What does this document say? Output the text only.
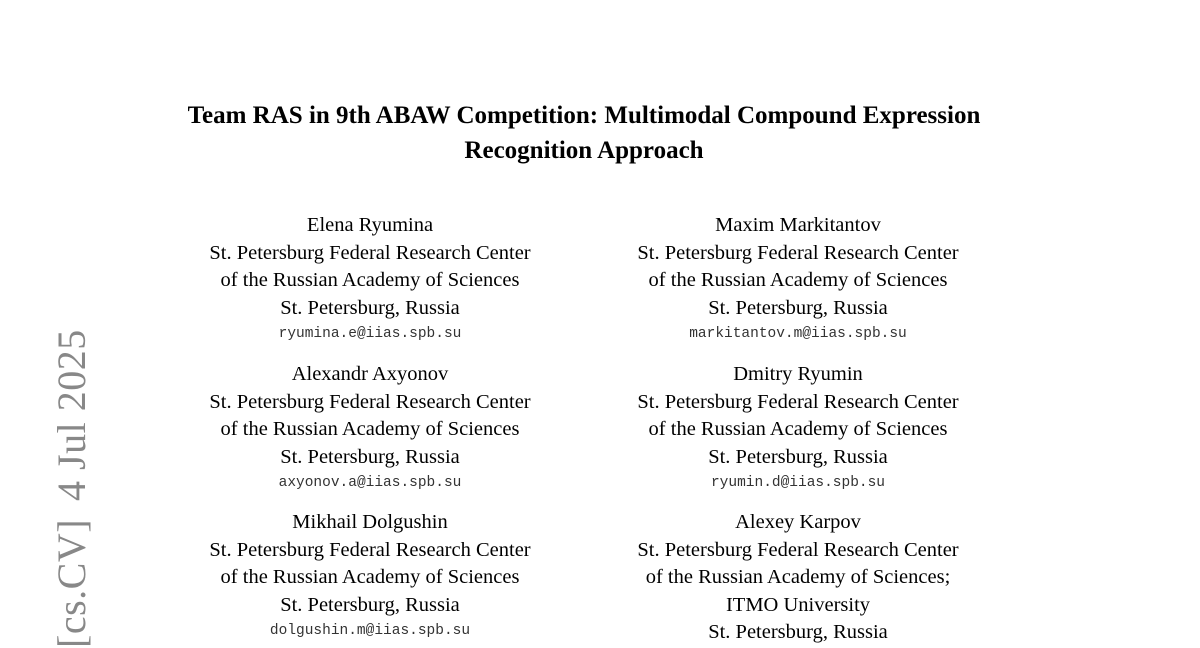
[cs.CV]4 Jul 2025
Team RAS in 9th ABAW Competition: Multimodal Compound Expression
Recognition Approach
Elena Ryumina
St. Petersburg Federal Research Center
of the Russian Academy of Sciences
St. Petersburg, Russia
ryumina.e@iias.spb.su
Maxim Markitantov
St. Petersburg Federal Research Center
of the Russian Academy of Sciences
St. Petersburg, Russia
markitantov.m@iias.spb.su
Alexandr Axyonov
St. Petersburg Federal Research Center
of the Russian Academy of Sciences
St. Petersburg, Russia
axyonov.a@iias.spb.su
Dmitry Ryumin
St. Petersburg Federal Research Center
of the Russian Academy of Sciences
St. Petersburg, Russia
ryumin.d@iias.spb.su
Mikhail Dolgushin
St. Petersburg Federal Research Center
of the Russian Academy of Sciences
St. Petersburg, Russia
dolgushin.m@iias.spb.su
Alexey Karpov
St. Petersburg Federal Research Center
of the Russian Academy of Sciences;
ITMO University
St. Petersburg, Russia
